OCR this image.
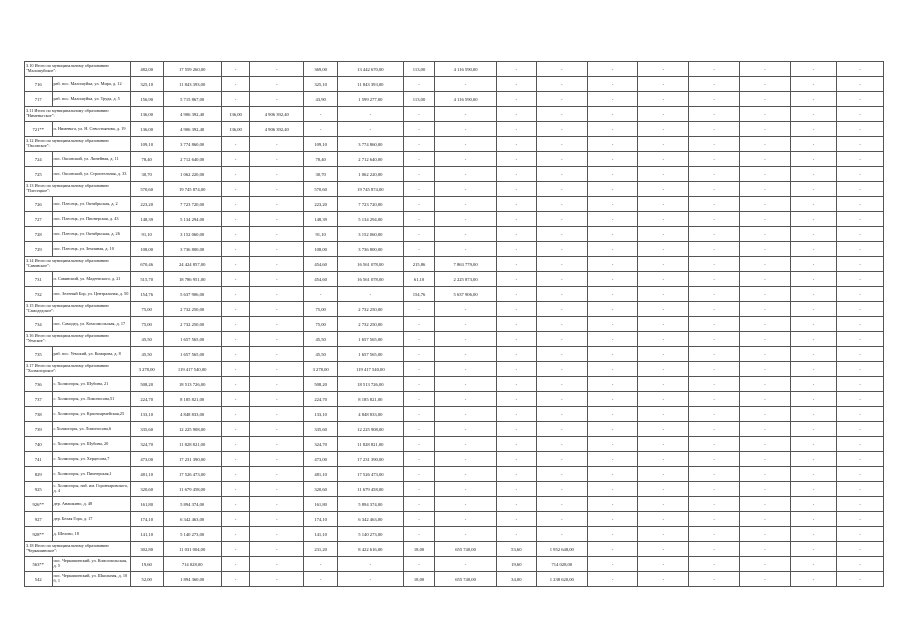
3.10 Итого по муниципальному образованию "Малошуйское":		482,00	17 559 260,00	-	-	369,00	13 442 670,00	113,00	4 116 590,00	-	-	-	-	-	-	-	-
716	раб. пос. Малошуйка, ул. Мира, д. 12	325,10	11 843 393,00	-	-	325,10	11 843 393,00	-	-	-	-	-	-	-	-	-	-
717	раб. пос. Малошуйка, ул. Труда, д. 5	156,90	5 715 867,00	-	-	43,90	1 599 277,00	113,00	4 116 590,00	-	-	-	-	-	-	-	-
3.11 Итого по муниципальному образованию "Нименьгское":		136,00	4 906 392,40	136,00	4 906 392,40	-	-	-	-	-	-	-	-	-	-	-	-
721**	п. Нименьга, ул. Н. Севостьянова, д. 19	136,00	4 906 392,40	136,00	4 906 392,40	-	-	-	-	-	-	-	-	-	-	-	-
3.12 Итого по муниципальному образованию "Оксовское":		109,10	3 774 860,00	-	-	109,10	3 774 860,00	-	-	-	-	-	-	-	-	-	-
724	пос. Оксовский, ул. Линейная, д. 11	78,40	2 712 640,00	-	-	78,40	2 712 640,00	-	-	-	-	-	-	-	-	-	-
725	пос. Оксовский, ул. Строительная, д. 33	30,70	1 062 220,00	-	-	30,70	1 062 220,00	-	-	-	-	-	-	-	-	-	-
3.13 Итого по муниципальному образованию "Плесецкое":		570,60	19 745 874,00	-	-	570,60	19 745 874,00	-	-	-	-	-	-	-	-	-	-
726	пос. Плесецк, ул. Октябрьская, д. 2	223,20	7 723 720,00	-	-	223,20	7 723 720,00	-	-	-	-	-	-	-	-	-	-
727	пос. Плесецк, ул. Пионерская, д. 43	148,39	5 134 294,00	-	-	148,39	5 134 294,00	-	-	-	-	-	-	-	-	-	-
728	пос. Плесецк, ул. Октябрьская, д. 26	91,10	3 152 060,00	-	-	91,10	3 152 060,00	-	-	-	-	-	-	-	-	-	-
729	пос. Плесецк, ул. Земляная, д. 10	108,00	3 736 800,00	-	-	108,00	3 736 800,00	-	-	-	-	-	-	-	-	-	-
3.14 Итого по муниципальному образованию "Савинское":		670,46	24 424 857,00	-	-	454,60	16 561 078,00	215,86	7 863 779,00	-	-	-	-	-	-	-	-
731	п. Савинский, ул. Мадеевского, д. 21	515,70	18 786 951,00	-	-	454,60	16 561 078,00	61,10	2 225 873,00	-	-	-	-	-	-	-	-
732	пос. Зеленый Бор, ул. Центральная, д. 50	154,76	5 637 906,00	-	-	-	-	154,76	5 637 906,00	-	-	-	-	-	-	-	-
3.15 Итого по муниципальному образованию "Самодедское":		75,00	2 732 250,00	-	-	75,00	2 732 250,00	-	-	-	-	-	-	-	-	-	-
734	пос. Самодед, ул. Комсомольская, д. 17	75,00	2 732 250,00	-	-	75,00	2 732 250,00	-	-	-	-	-	-	-	-	-	-
3.16 Итого по муниципальному образованию "Уемское":		45,50	1 657 565,00	-	-	45,50	1 657 565,00	-	-	-	-	-	-	-	-	-	-
735	раб. пос. Уемский, ул. Комарова, д. 8	45,50	1 657 565,00	-	-	45,50	1 657 565,00	-	-	-	-	-	-	-	-	-	-
3.17 Итого по муниципальному образованию "Холмогорское":		3 278,00	119 417 540,00	-	-	3 278,00	119 417 540,00	-	-	-	-	-	-	-	-	-	-
736	с. Холмогоры, ул. Шубина, 21	508,20	18 513 726,00	-	-	508,20	18 513 726,00	-	-	-	-	-	-	-	-	-	-
737	с. Холмогоры, ул. Ломоносова,51	224,70	8 185 821,00	-	-	224,70	8 185 821,00	-	-	-	-	-	-	-	-	-	-
738	с. Холмогоры, ул. Красноармейская,25	133,10	4 848 833,00	-	-	133,10	4 848 833,00	-	-	-	-	-	-	-	-	-	-
739	с.Холмогоры, ул. Ломоносова,6	335,60	12 225 908,00	-	-	335,60	12 225 908,00	-	-	-	-	-	-	-	-	-	-
740	с. Холмогоры, ул. Шубина, 20	324,70	11 828 821,00	-	-	324,70	11 828 821,00	-	-	-	-	-	-	-	-	-	-
741	с. Холмогоры, ул. Херцесова,7	473,00	17 231 390,00	-	-	473,00	17 231 390,00	-	-	-	-	-	-	-	-	-	-
829	с. Холмогоры, ул. Пионерская,1	481,10	17 526 473,00	-	-	481,10	17 526 473,00	-	-	-	-	-	-	-	-	-	-
925	с. Холмогоры, наб. им. Горончаровского, д. 4	320,60	11 679 458,00	-	-	320,60	11 679 458,00	-	-	-	-	-	-	-	-	-	-
926**	дер. Анашкино, д. 48	161,80	5 894 374,00	-	-	161,80	5 894 374,00	-	-	-	-	-	-	-	-	-	-
927	дер. Белая Гора, д. 17	174,10	6 342 463,00	-	-	174,10	6 342 463,00	-	-	-	-	-	-	-	-	-	-
928**	д. Шелово, 18	141,10	5 140 273,00	-	-	141,10	5 140 273,00	-	-	-	-	-	-	-	-	-	-
3.18 Итого по муниципальному образованию "Черкашинское":		302,80	11 031 004,00	-	-	231,20	8 422 616,00	18,00	655 740,00	53,60	1 952 648,00	-	-	-	-	-	-
563**	пос. Черкашинский, ул. Комсомольская, д. 5	19,60	714 028,00	-	-	-	-	-	-	19,60	714 028,00	-	-	-	-	-	-
542	пос. Черкашинский, ул. Школьная, д. 10 б, 1	52,00	1 894 360,00	-	-	-	-	18,00	655 740,00	34,00	1 238 620,00	-	-	-	-	-	-
